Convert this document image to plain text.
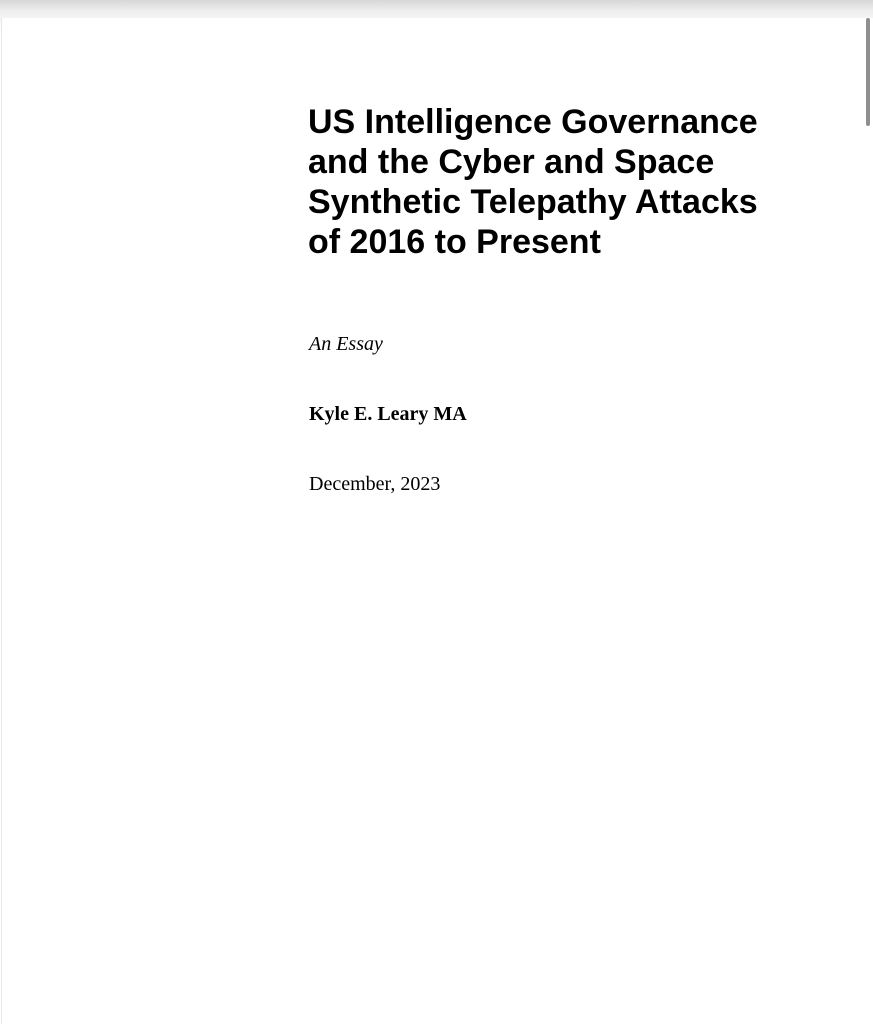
US Intelligence Governance
and the Cyber and Space
Synthetic Telepathy Attacks
of 2016 to Present

An Essay

Kyle E. Leary MA

December, 2023
